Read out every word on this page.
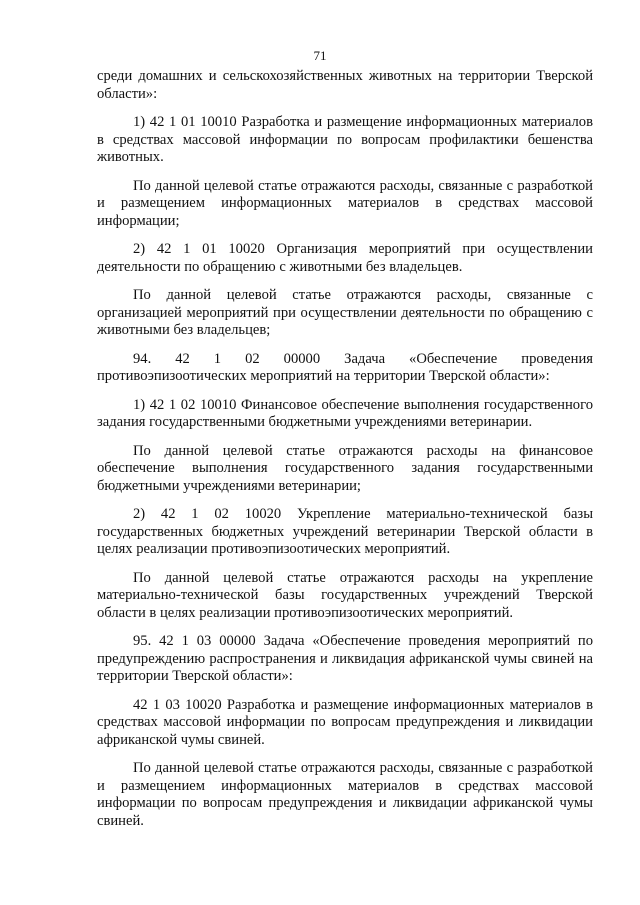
71

среди домашних и сельскохозяйственных животных на территории Тверской области»:

1) 42 1 01 10010 Разработка и размещение информационных материалов в средствах массовой информации по вопросам профилактики бешенства животных.

По данной целевой статье отражаются расходы, связанные с разработкой и размещением информационных материалов в средствах массовой информации;

2) 42 1 01 10020 Организация мероприятий при осуществлении деятельности по обращению с животными без владельцев.

По данной целевой статье отражаются расходы, связанные с организацией мероприятий при осуществлении деятельности по обращению с животными без владельцев;

94. 42 1 02 00000 Задача «Обеспечение проведения противоэпизоотических мероприятий на территории Тверской области»:

1) 42 1 02 10010 Финансовое обеспечение выполнения государственного задания государственными бюджетными учреждениями ветеринарии.

По данной целевой статье отражаются расходы на финансовое обеспечение выполнения государственного задания государственными бюджетными учреждениями ветеринарии;

2) 42 1 02 10020 Укрепление материально-технической базы государственных бюджетных учреждений ветеринарии Тверской области в целях реализации противоэпизоотических мероприятий.

По данной целевой статье отражаются расходы на укрепление материально-технической базы государственных учреждений Тверской области в целях реализации противоэпизоотических мероприятий.

95. 42 1 03 00000 Задача «Обеспечение проведения мероприятий по предупреждению распространения и ликвидация африканской чумы свиней на территории Тверской области»:

42 1 03 10020 Разработка и размещение информационных материалов в средствах массовой информации по вопросам предупреждения и ликвидации африканской чумы свиней.

По данной целевой статье отражаются расходы, связанные с разработкой и размещением информационных материалов в средствах массовой информации по вопросам предупреждения и ликвидации африканской чумы свиней.
